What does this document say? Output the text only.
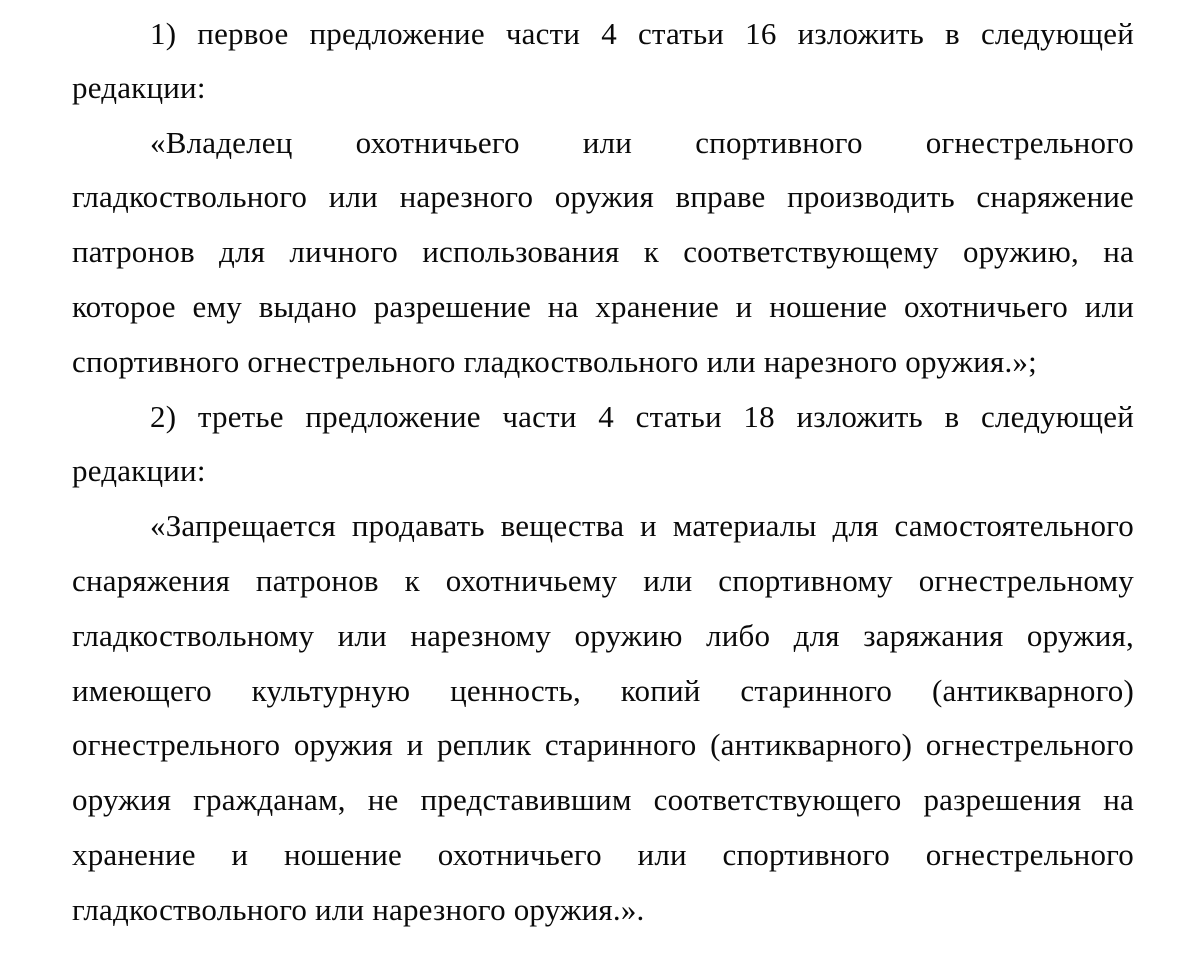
1) первое предложение части 4 статьи 16 изложить в следующей
редакции:
«Владелец охотничьего или спортивного огнестрельного
гладкоствольного или нарезного оружия вправе производить снаряжение
патронов для личного использования к соответствующему оружию, на
которое ему выдано разрешение на хранение и ношение охотничьего или
спортивного огнестрельного гладкоствольного или нарезного оружия.»;
2) третье предложение части 4 статьи 18 изложить в следующей
редакции:
«Запрещается продавать вещества и материалы для самостоятельного
снаряжения патронов к охотничьему или спортивному огнестрельному
гладкоствольному или нарезному оружию либо для заряжания оружия,
имеющего культурную ценность, копий старинного (антикварного)
огнестрельного оружия и реплик старинного (антикварного) огнестрельного
оружия гражданам, не представившим соответствующего разрешения на
хранение и ношение охотничьего или спортивного огнестрельного
гладкоствольного или нарезного оружия.».
